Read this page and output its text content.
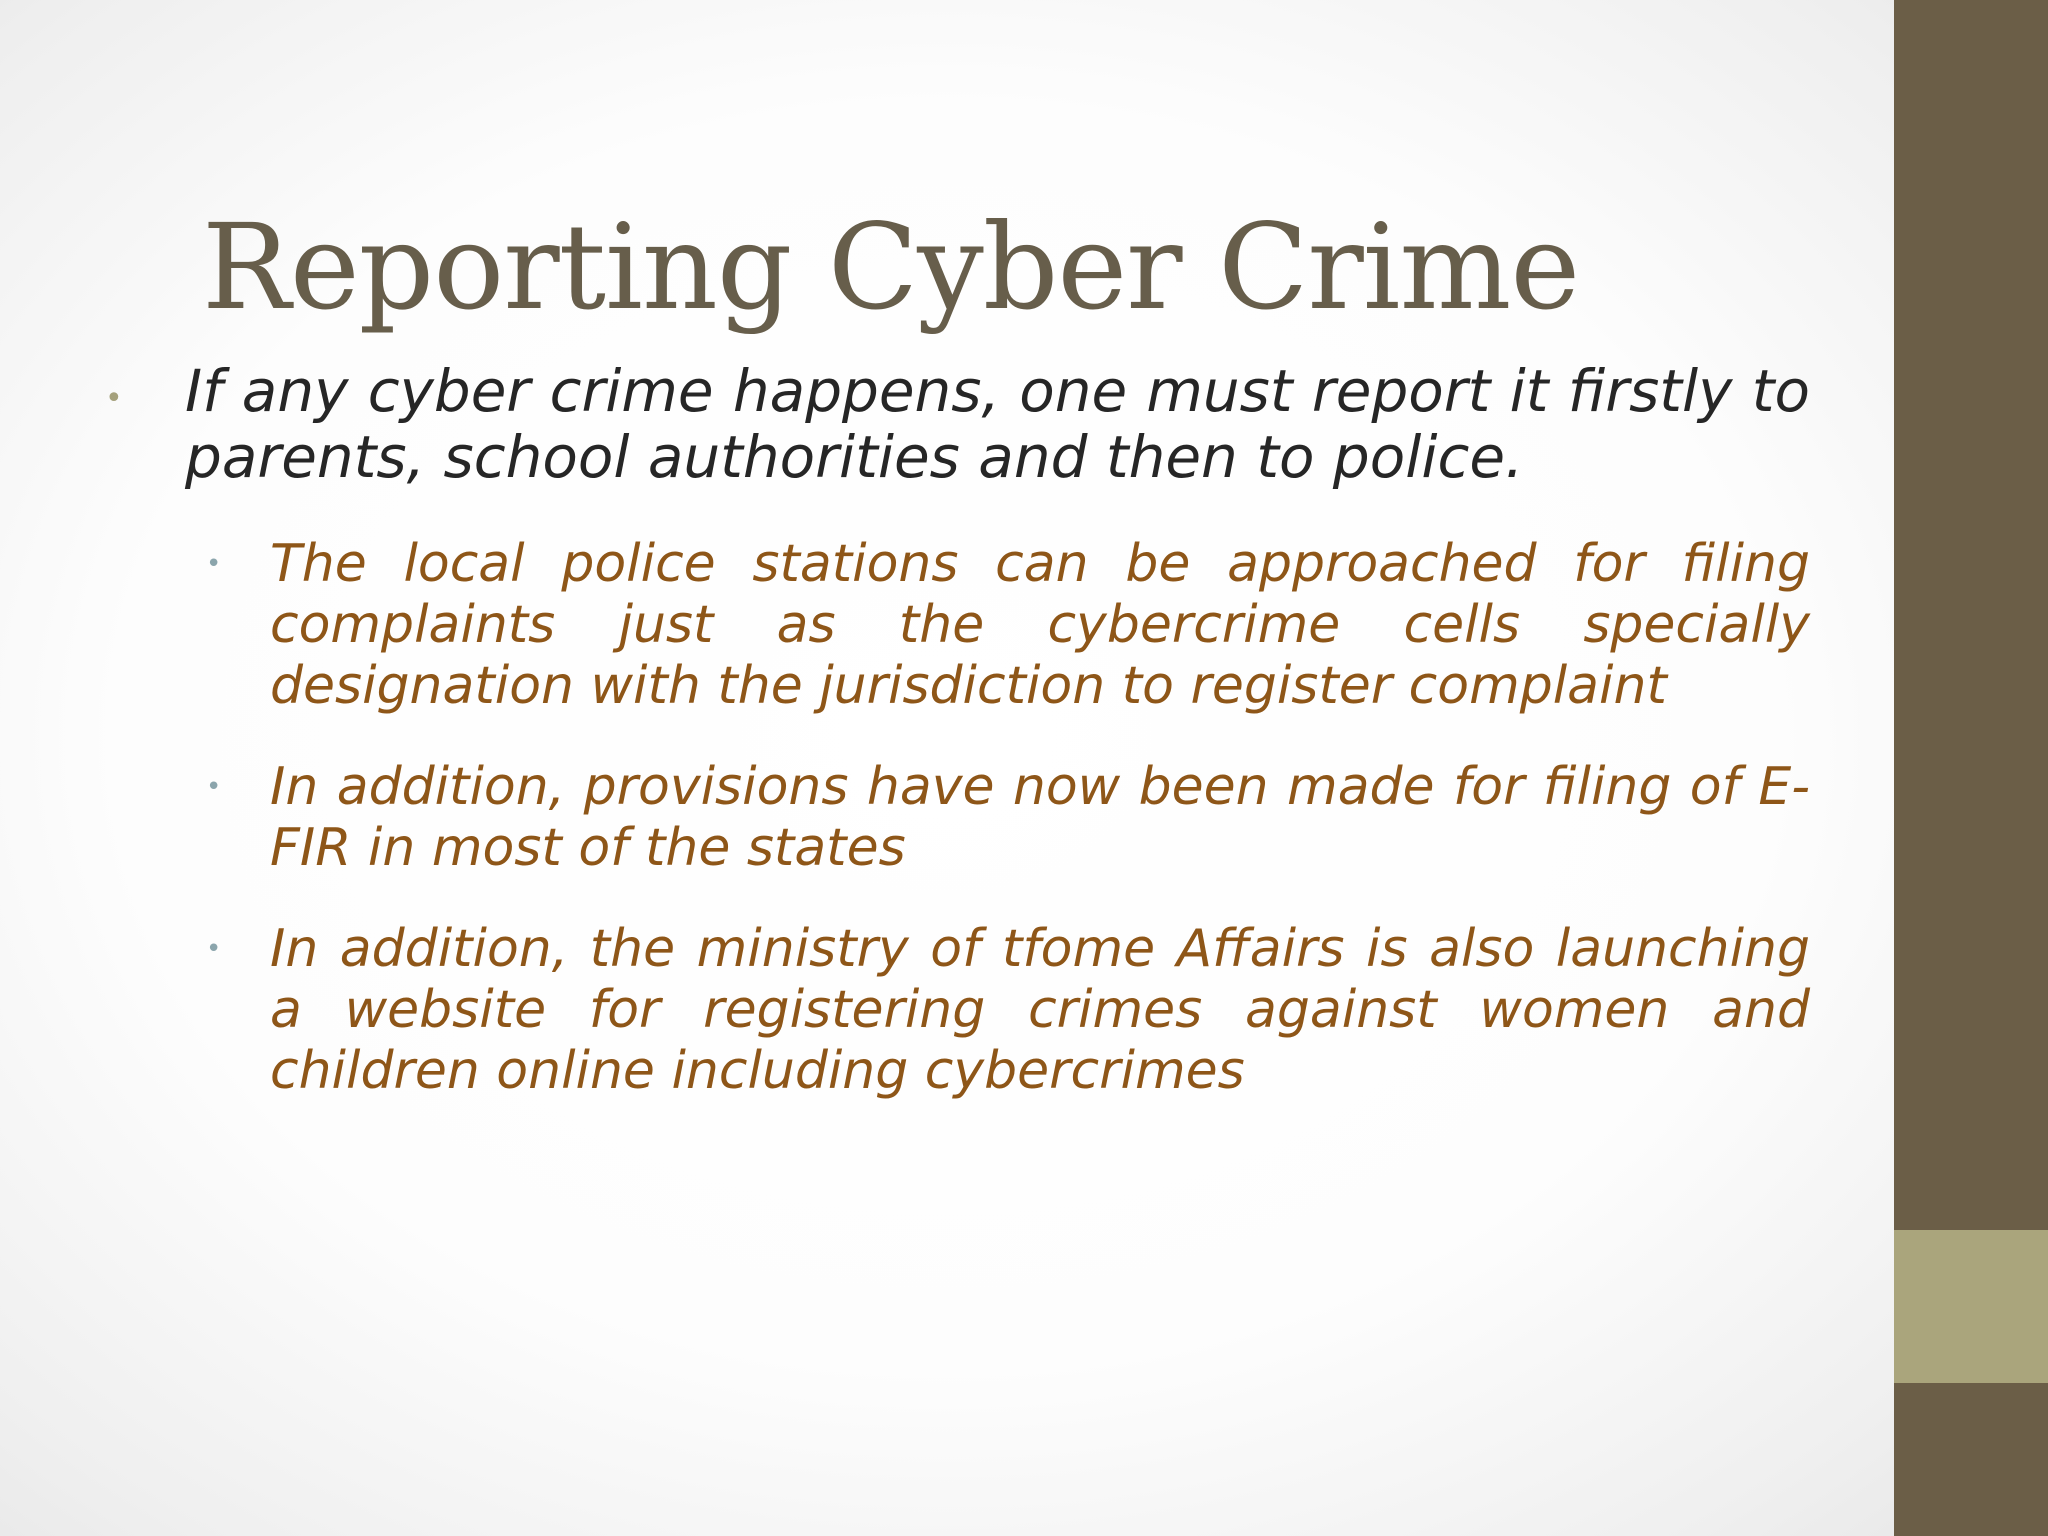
Reporting Cyber Crime
• If any cyber crime happens, one must report it firstly to parents, school authorities and then to police.
• The local police stations can be approached for filing complaints just as the cybercrime cells specially designation with the jurisdiction to register complaint
• In addition, provisions have now been made for filing of E-FIR in most of the states
• In addition, the ministry of tfome Affairs is also launching a website for registering crimes against women and children online including cybercrimes
